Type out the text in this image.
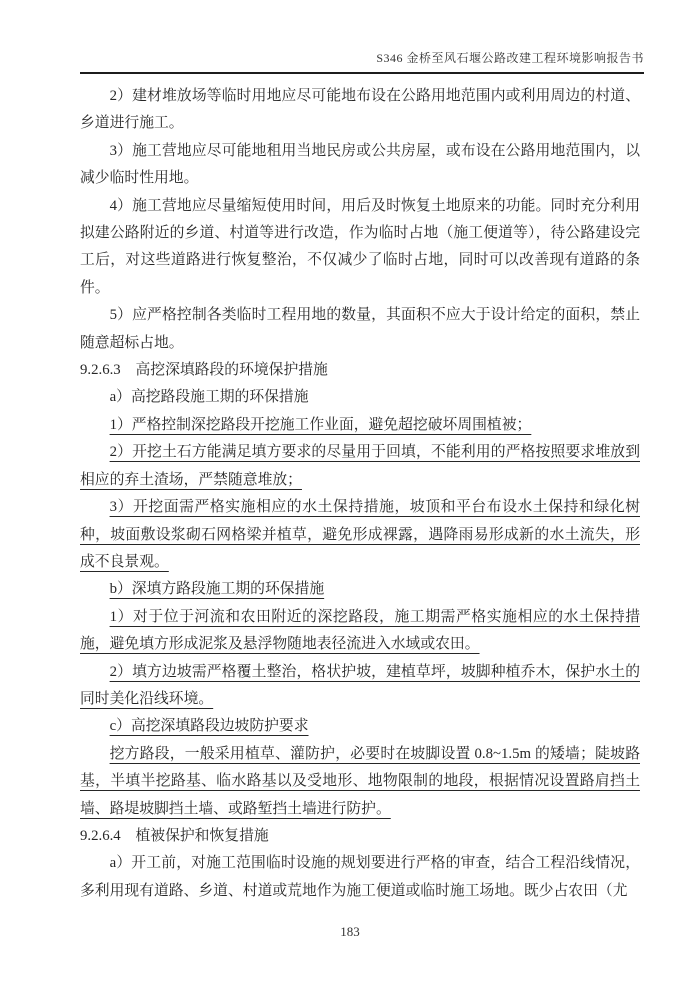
S346 金桥至风石堰公路改建工程环境影响报告书

2）建材堆放场等临时用地应尽可能地布设在公路用地范围内或利用周边的村道、乡道进行施工。

3）施工营地应尽可能地租用当地民房或公共房屋，或布设在公路用地范围内，以减少临时性用地。

4）施工营地应尽量缩短使用时间，用后及时恢复土地原来的功能。同时充分利用拟建公路附近的乡道、村道等进行改造，作为临时占地（施工便道等），待公路建设完工后，对这些道路进行恢复整治，不仅减少了临时占地，同时可以改善现有道路的条件。

5）应严格控制各类临时工程用地的数量，其面积不应大于设计给定的面积，禁止随意超标占地。

9.2.6.3　高挖深填路段的环境保护措施

a）高挖路段施工期的环保措施

1）严格控制深挖路段开挖施工作业面，避免超挖破坏周围植被；

2）开挖土石方能满足填方要求的尽量用于回填，不能利用的严格按照要求堆放到相应的弃土渣场，严禁随意堆放；

3）开挖面需严格实施相应的水土保持措施，坡顶和平台布设水土保持和绿化树种，坡面敷设浆砌石网格梁并植草，避免形成裸露，遇降雨易形成新的水土流失，形成不良景观。

b）深填方路段施工期的环保措施

1）对于位于河流和农田附近的深挖路段，施工期需严格实施相应的水土保持措施，避免填方形成泥浆及悬浮物随地表径流进入水域或农田。

2）填方边坡需严格覆土整治，格状护坡，建植草坪，坡脚种植乔木，保护水土的同时美化沿线环境。

c）高挖深填路段边坡防护要求

挖方路段，一般采用植草、灌防护，必要时在坡脚设置 0.8~1.5m 的矮墙；陡坡路基，半填半挖路基、临水路基以及受地形、地物限制的地段，根据情况设置路肩挡土墙、路堤坡脚挡土墙、或路堑挡土墙进行防护。

9.2.6.4　植被保护和恢复措施

a）开工前，对施工范围临时设施的规划要进行严格的审查，结合工程沿线情况，多利用现有道路、乡道、村道或荒地作为施工便道或临时施工场地。既少占农田（尤

183
